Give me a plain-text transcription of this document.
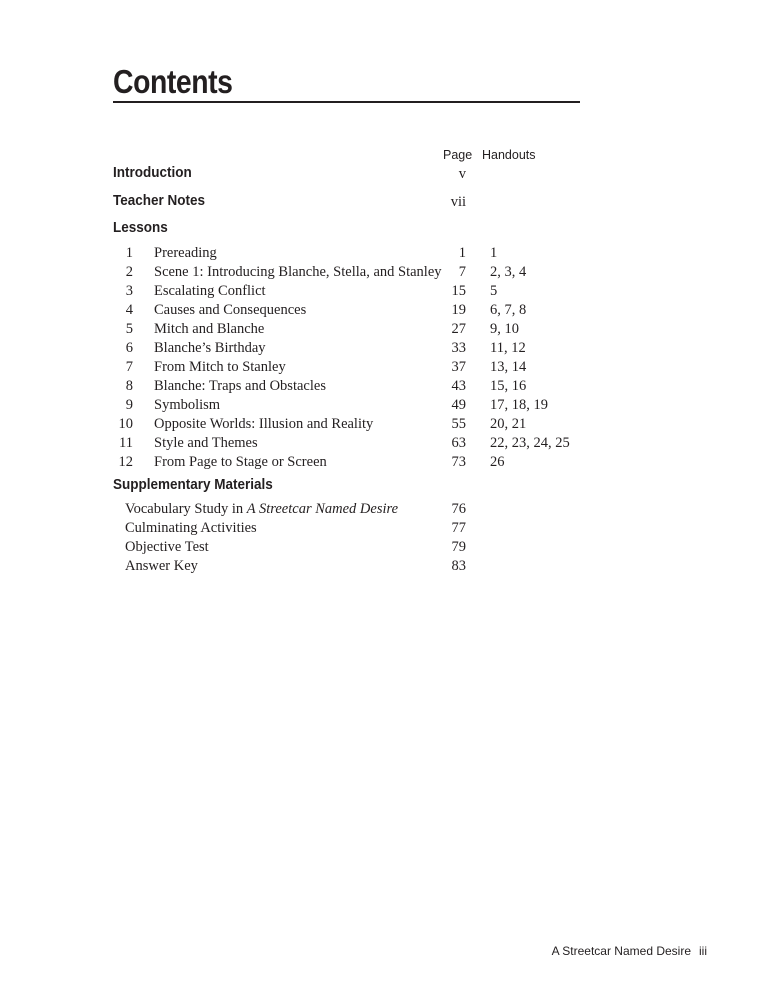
Contents
Page Handouts
Introduction	v
Teacher Notes	vii
Lessons
1 Prereading	1 1
2 Scene 1: Introducing Blanche, Stella, and Stanley 7 2, 3, 4
3 Escalating Conflict	15 5
4 Causes and Consequences	19 6, 7, 8
5 Mitch and Blanche	27 9, 10
6 Blanche’s Birthday	33 11, 12
7 From Mitch to Stanley	37 13, 14
8 Blanche: Traps and Obstacles	43 15, 16
9 Symbolism	49 17, 18, 19
10 Opposite Worlds: Illusion and Reality	55 20, 21
11 Style and Themes	63 22, 23, 24, 25
12 From Page to Stage or Screen	73 26
Supplementary Materials
Vocabulary Study in A Streetcar Named Desire	76
Culminating Activities	77
Objective Test	79
Answer Key	83
A Streetcar Named Desire iii
